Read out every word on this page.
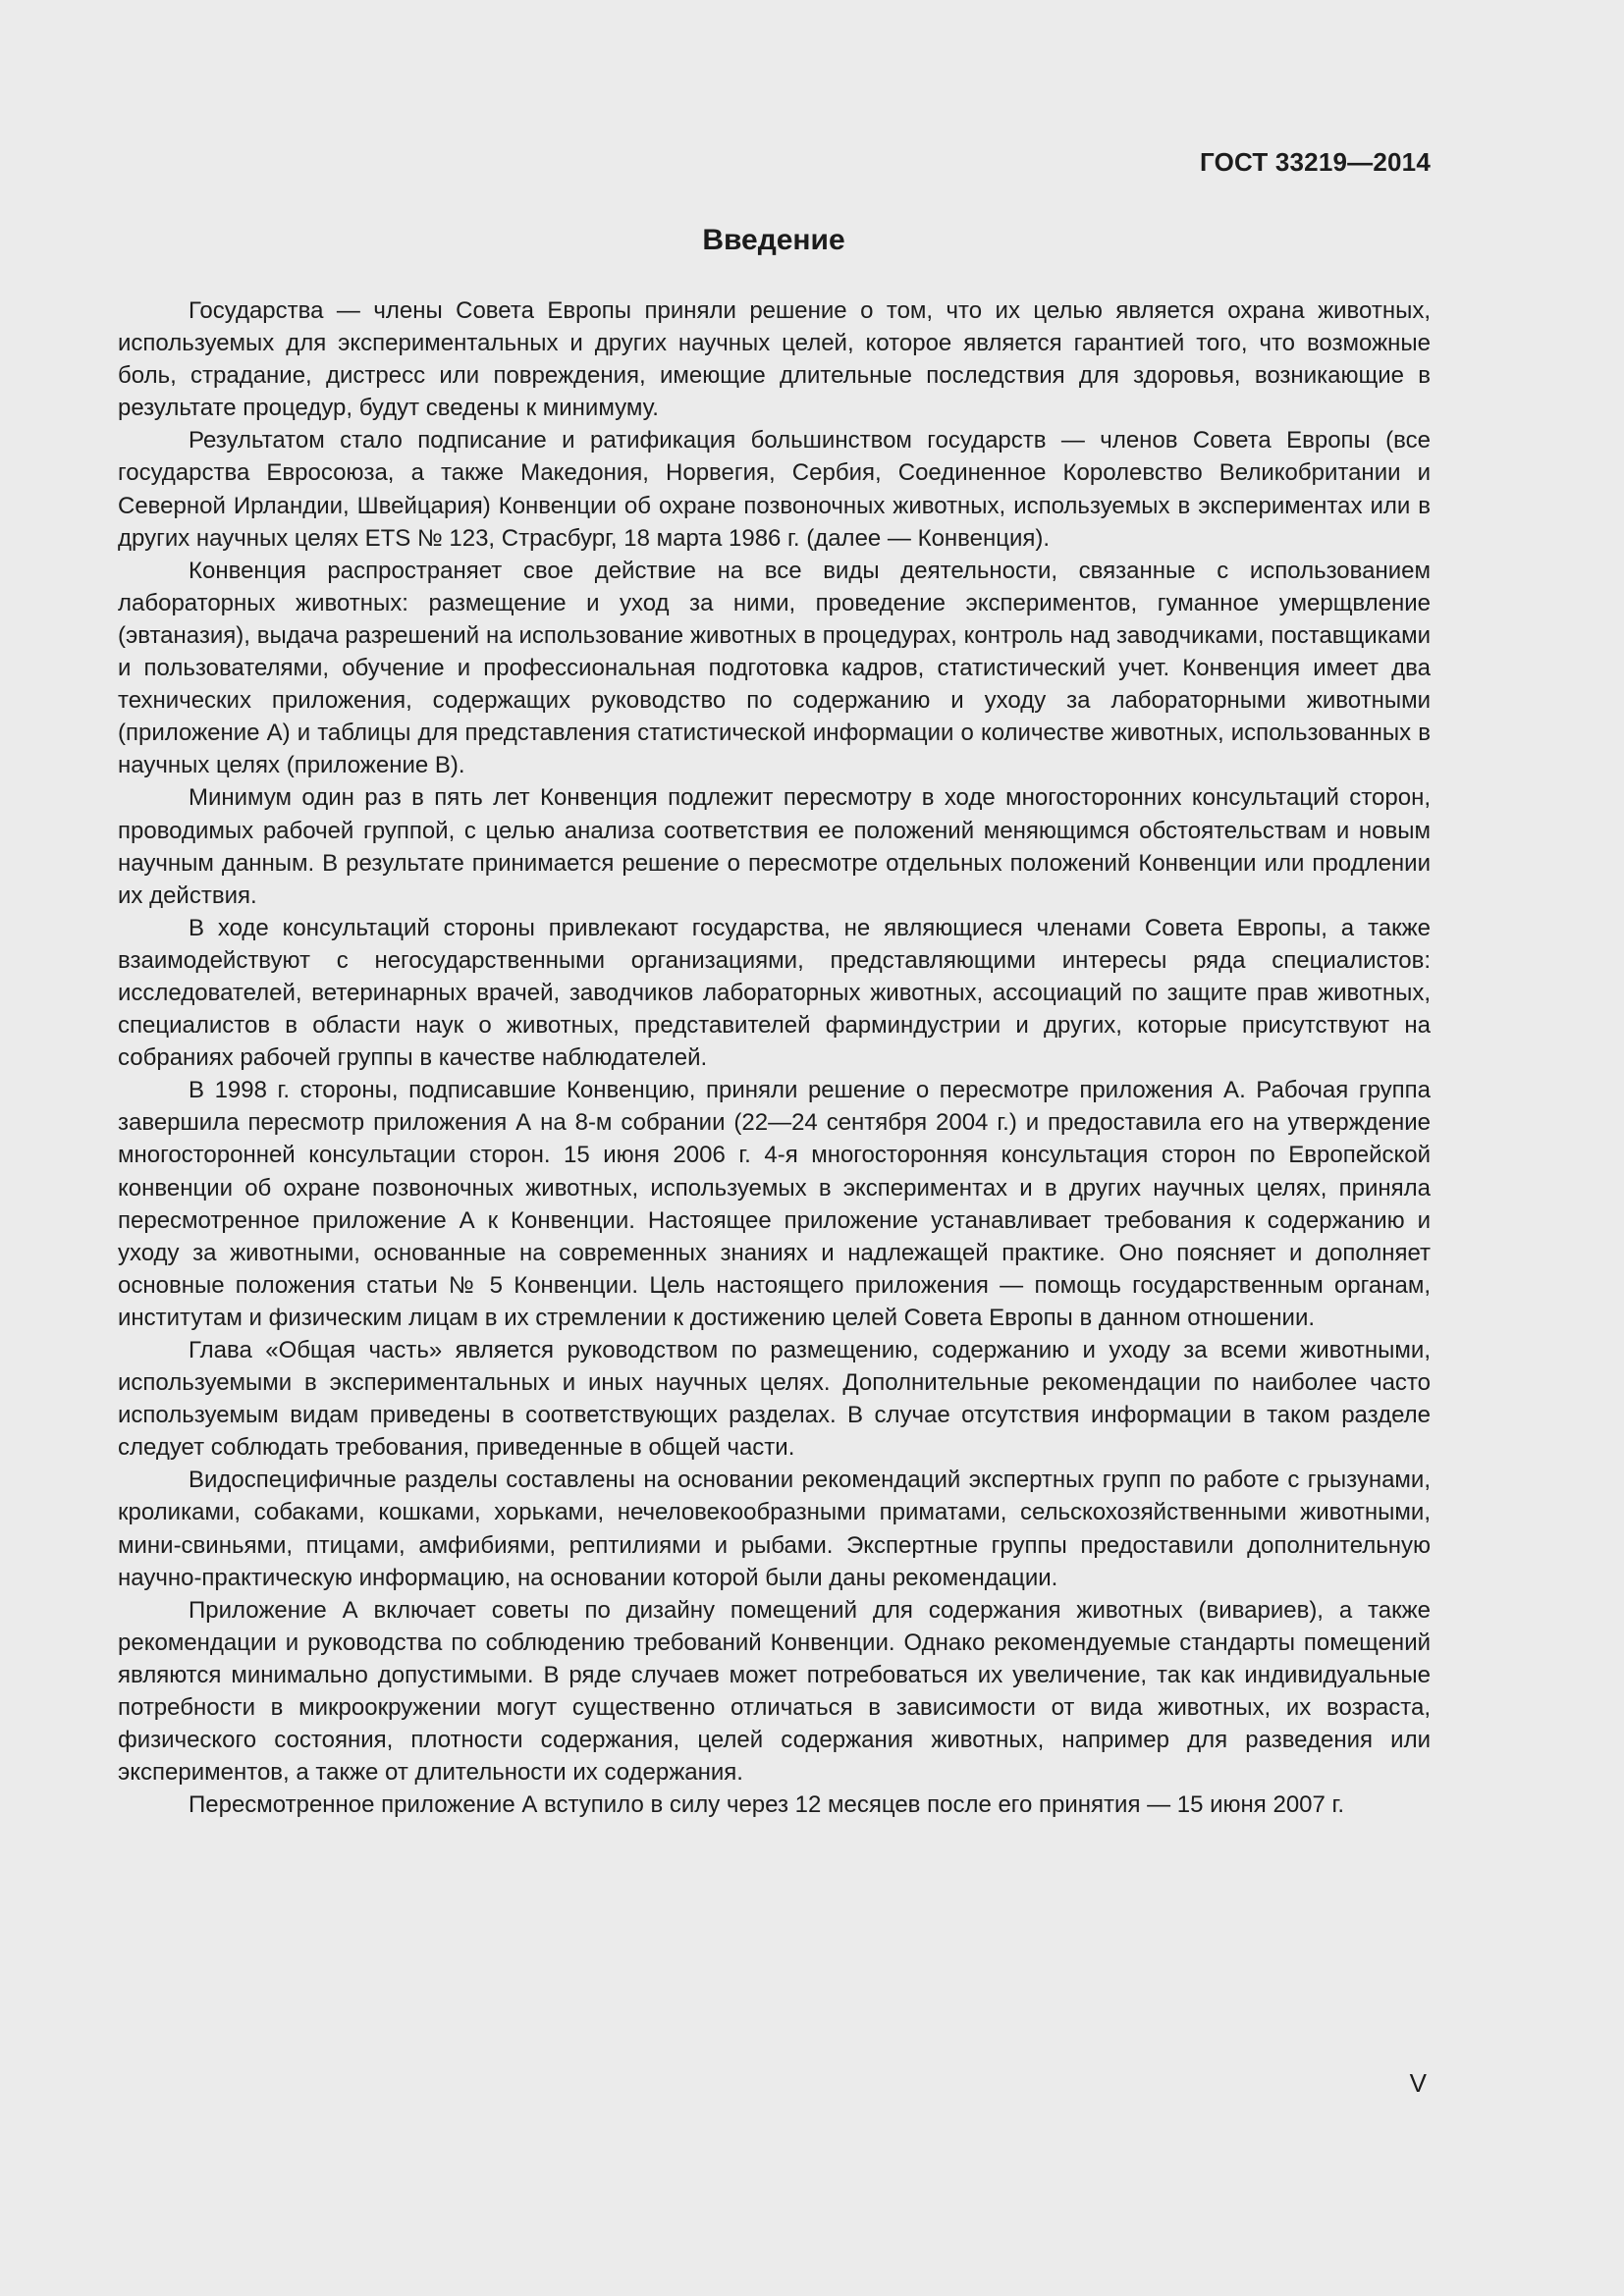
ГОСТ 33219—2014

Введение

Государства — члены Совета Европы приняли решение о том, что их целью является охрана животных, используемых для экспериментальных и других научных целей, которое является гарантией того, что возможные боль, страдание, дистресс или повреждения, имеющие длительные последствия для здоровья, возникающие в результате процедур, будут сведены к минимуму.

Результатом стало подписание и ратификация большинством государств — членов Совета Европы (все государства Евросоюза, а также Македония, Норвегия, Сербия, Соединенное Королевство Великобритании и Северной Ирландии, Швейцария) Конвенции об охране позвоночных животных, используемых в экспериментах или в других научных целях ETS № 123, Страсбург, 18 марта 1986 г. (далее — Конвенция).

Конвенция распространяет свое действие на все виды деятельности, связанные с использованием лабораторных животных: размещение и уход за ними, проведение экспериментов, гуманное умерщвление (эвтаназия), выдача разрешений на использование животных в процедурах, контроль над заводчиками, поставщиками и пользователями, обучение и профессиональная подготовка кадров, статистический учет. Конвенция имеет два технических приложения, содержащих руководство по содержанию и уходу за лабораторными животными (приложение А) и таблицы для представления статистической информации о количестве животных, использованных в научных целях (приложение В).

Минимум один раз в пять лет Конвенция подлежит пересмотру в ходе многосторонних консультаций сторон, проводимых рабочей группой, с целью анализа соответствия ее положений меняющимся обстоятельствам и новым научным данным. В результате принимается решение о пересмотре отдельных положений Конвенции или продлении их действия.

В ходе консультаций стороны привлекают государства, не являющиеся членами Совета Европы, а также взаимодействуют с негосударственными организациями, представляющими интересы ряда специалистов: исследователей, ветеринарных врачей, заводчиков лабораторных животных, ассоциаций по защите прав животных, специалистов в области наук о животных, представителей фарминдустрии и других, которые присутствуют на собраниях рабочей группы в качестве наблюдателей.

В 1998 г. стороны, подписавшие Конвенцию, приняли решение о пересмотре приложения А. Рабочая группа завершила пересмотр приложения А на 8-м собрании (22—24 сентября 2004 г.) и предоставила его на утверждение многосторонней консультации сторон. 15 июня 2006 г. 4-я многосторонняя консультация сторон по Европейской конвенции об охране позвоночных животных, используемых в экспериментах и в других научных целях, приняла пересмотренное приложение А к Конвенции. Настоящее приложение устанавливает требования к содержанию и уходу за животными, основанные на современных знаниях и надлежащей практике. Оно поясняет и дополняет основные положения статьи № 5 Конвенции. Цель настоящего приложения — помощь государственным органам, институтам и физическим лицам в их стремлении к достижению целей Совета Европы в данном отношении.

Глава «Общая часть» является руководством по размещению, содержанию и уходу за всеми животными, используемыми в экспериментальных и иных научных целях. Дополнительные рекомендации по наиболее часто используемым видам приведены в соответствующих разделах. В случае отсутствия информации в таком разделе следует соблюдать требования, приведенные в общей части.

Видоспецифичные разделы составлены на основании рекомендаций экспертных групп по работе с грызунами, кроликами, собаками, кошками, хорьками, нечеловекообразными приматами, сельскохозяйственными животными, мини-свиньями, птицами, амфибиями, рептилиями и рыбами. Экспертные группы предоставили дополнительную научно-практическую информацию, на основании которой были даны рекомендации.

Приложение А включает советы по дизайну помещений для содержания животных (вивариев), а также рекомендации и руководства по соблюдению требований Конвенции. Однако рекомендуемые стандарты помещений являются минимально допустимыми. В ряде случаев может потребоваться их увеличение, так как индивидуальные потребности в микроокружении могут существенно отличаться в зависимости от вида животных, их возраста, физического состояния, плотности содержания, целей содержания животных, например для разведения или экспериментов, а также от длительности их содержания.

Пересмотренное приложение А вступило в силу через 12 месяцев после его принятия — 15 июня 2007 г.

V
